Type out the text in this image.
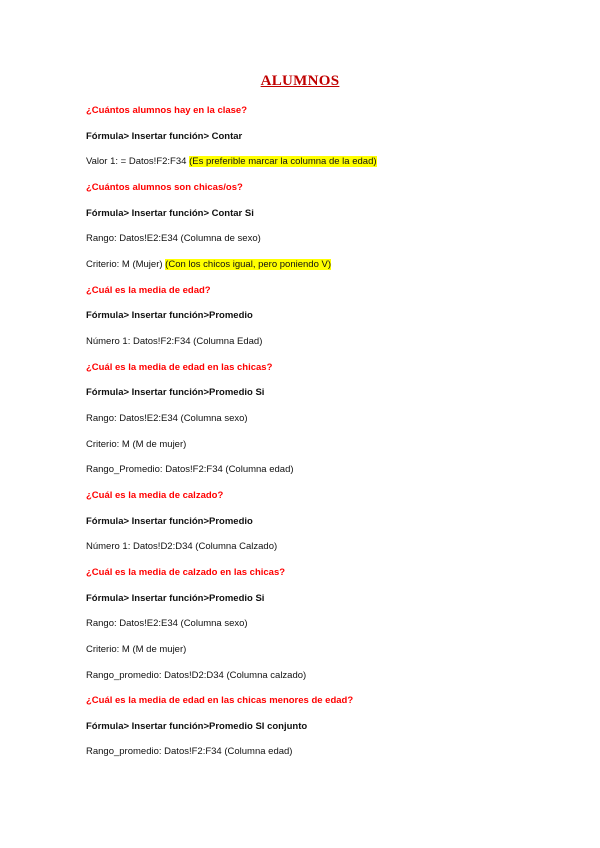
ALUMNOS
¿Cuántos alumnos hay en la clase?
Fórmula> Insertar función> Contar
Valor 1: = Datos!F2:F34 (Es preferible marcar la columna de la edad)
¿Cuántos alumnos son chicas/os?
Fórmula> Insertar función> Contar Si
Rango: Datos!E2:E34 (Columna de sexo)
Criterio: M (Mujer) (Con los chicos igual, pero poniendo V)
¿Cuál es la media de edad?
Fórmula> Insertar función>Promedio
Número 1: Datos!F2:F34 (Columna Edad)
¿Cuál es la media de edad en las chicas?
Fórmula> Insertar función>Promedio Si
Rango: Datos!E2:E34 (Columna sexo)
Criterio: M (M de mujer)
Rango_Promedio: Datos!F2:F34 (Columna edad)
¿Cuál es la media de calzado?
Fórmula> Insertar función>Promedio
Número 1: Datos!D2:D34 (Columna Calzado)
¿Cuál es la media de calzado en las chicas?
Fórmula> Insertar función>Promedio Si
Rango: Datos!E2:E34 (Columna sexo)
Criterio: M (M de mujer)
Rango_promedio: Datos!D2:D34 (Columna calzado)
¿Cuál es la media de edad en las chicas menores de edad?
Fórmula> Insertar función>Promedio SI conjunto
Rango_promedio: Datos!F2:F34 (Columna edad)
